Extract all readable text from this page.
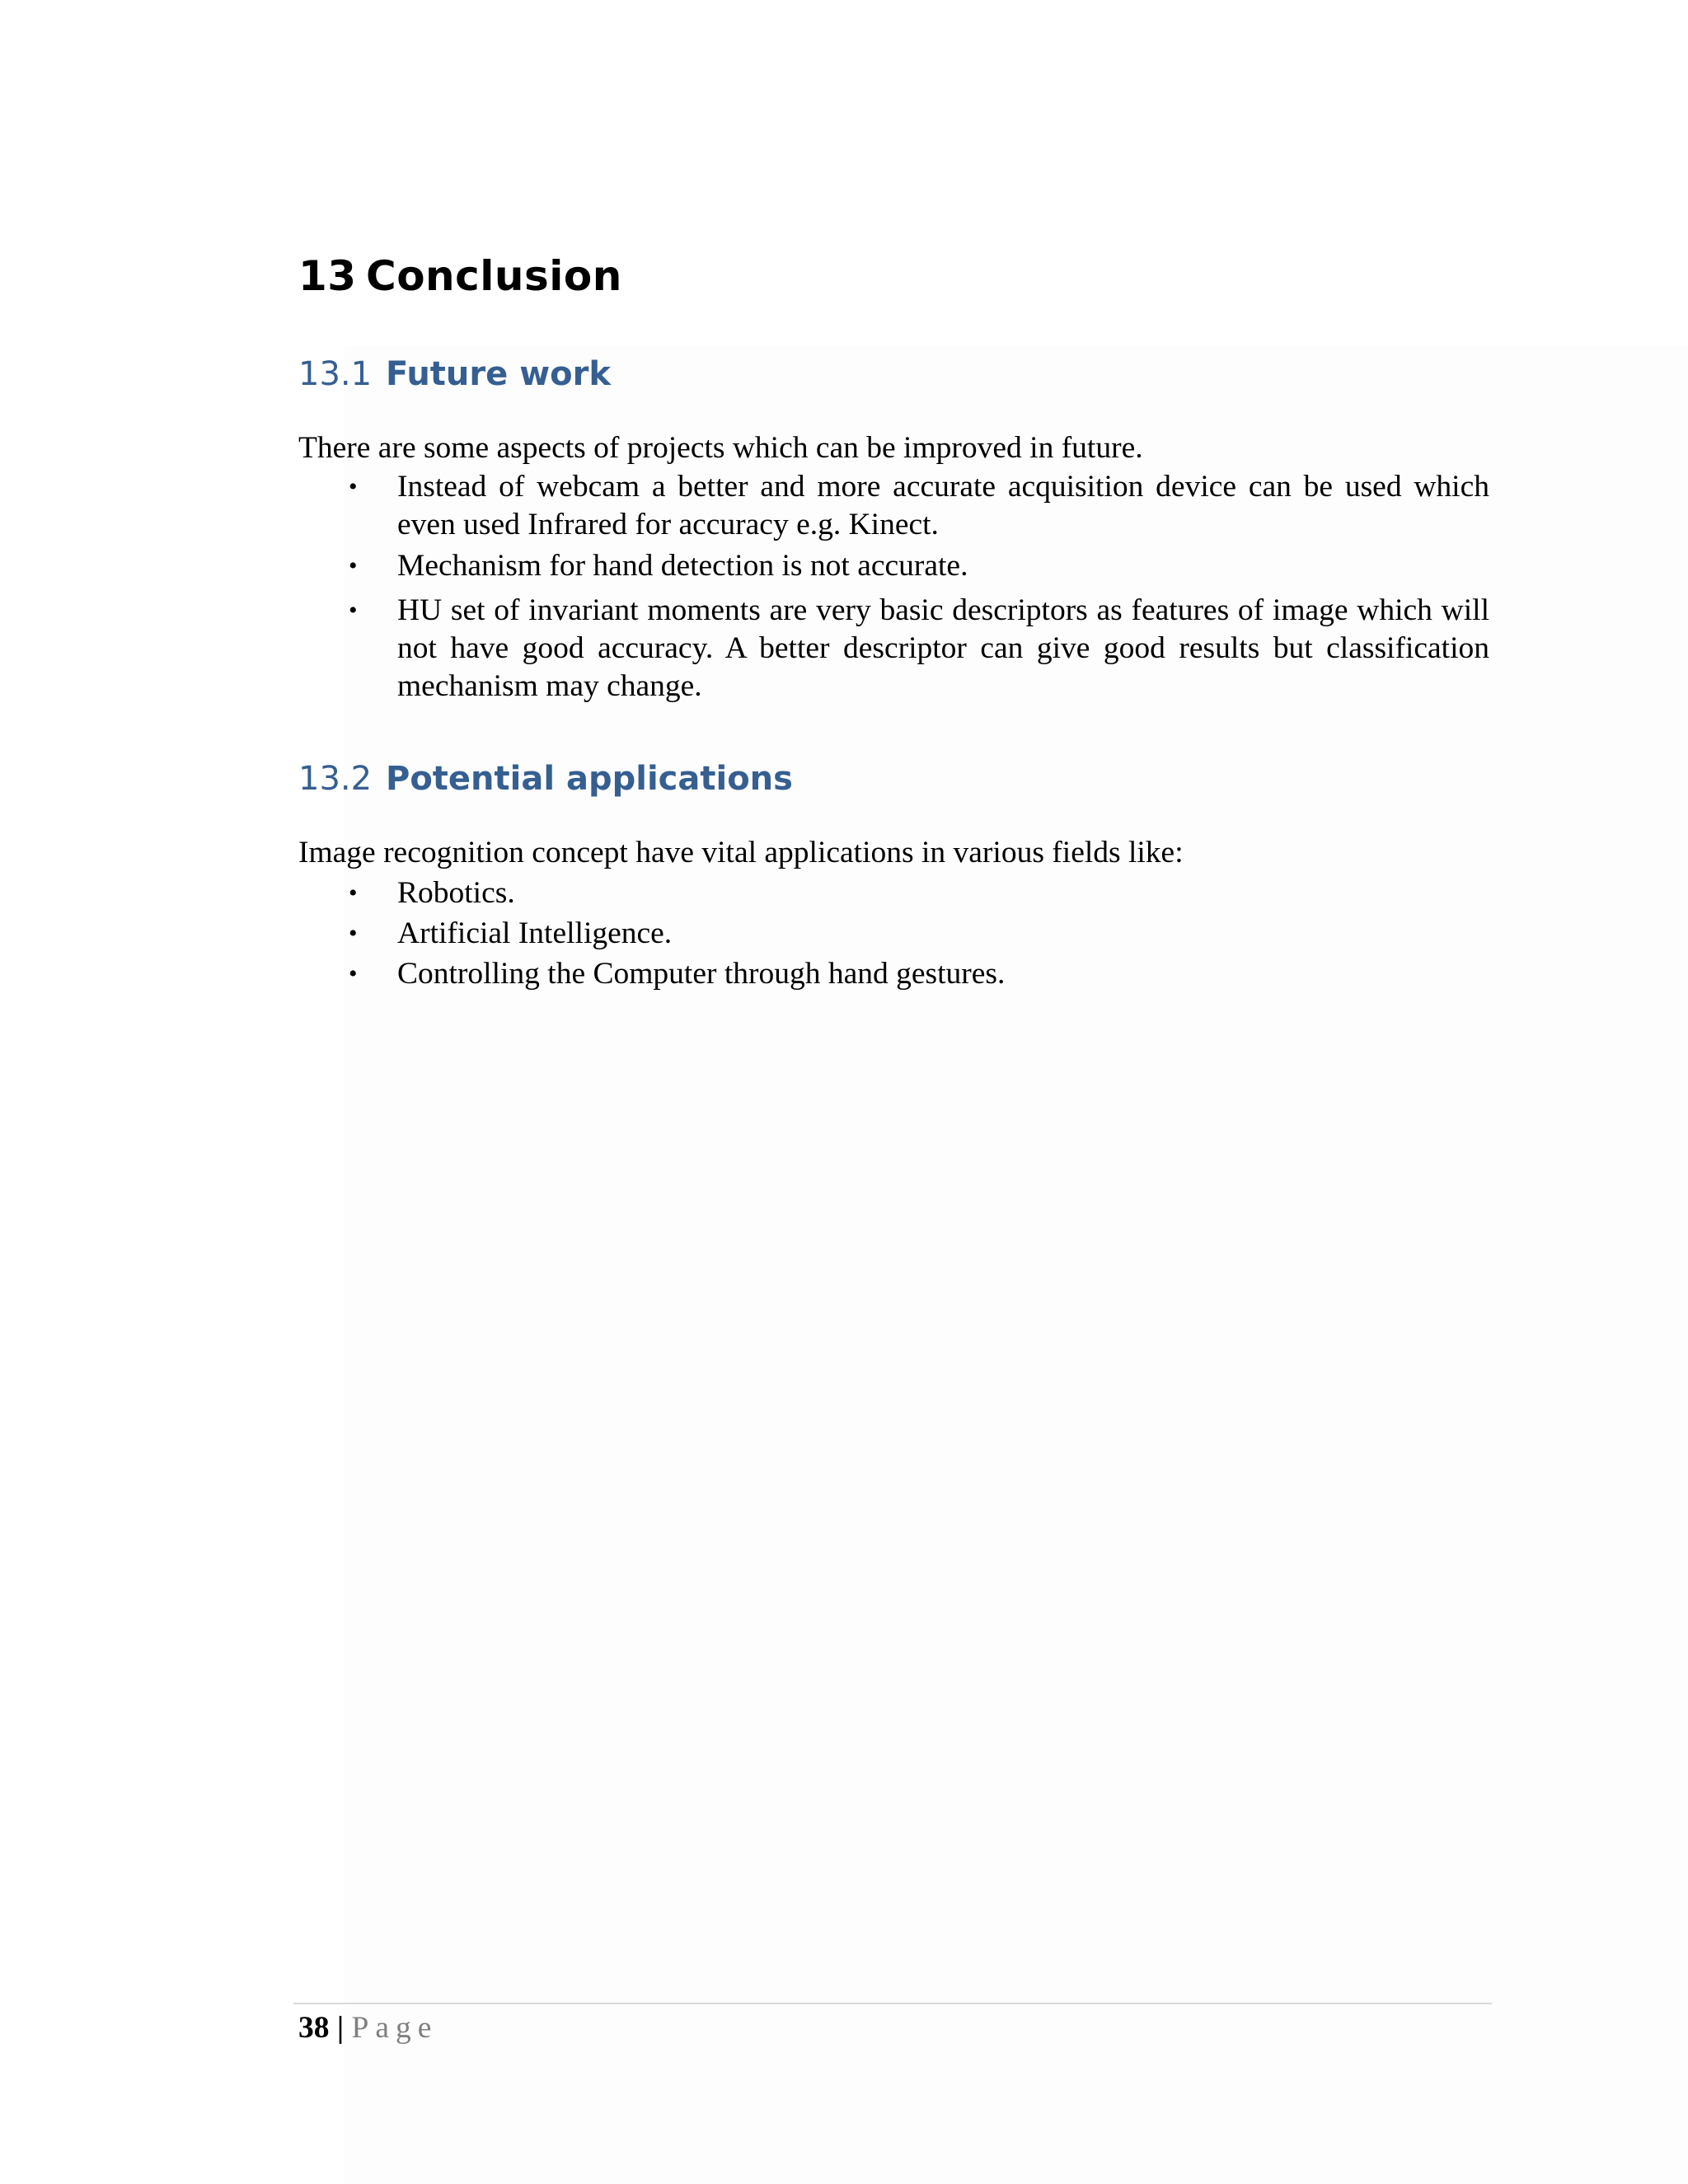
13 Conclusion
13.1 Future work

There are some aspects of projects which can be improved in future.

•	Instead of webcam a better and more accurate acquisition device can be used which even used Infrared for accuracy e.g. Kinect.
•	Mechanism for hand detection is not accurate.
•	HU set of invariant moments are very basic descriptors as features of image which will not have good accuracy. A better descriptor can give good results but classification mechanism may change.
13.2 Potential applications

Image recognition concept have vital applications in various fields like:

•	Robotics.
•	Artificial Intelligence.
•	Controlling the Computer through hand gestures.
38 | Page
